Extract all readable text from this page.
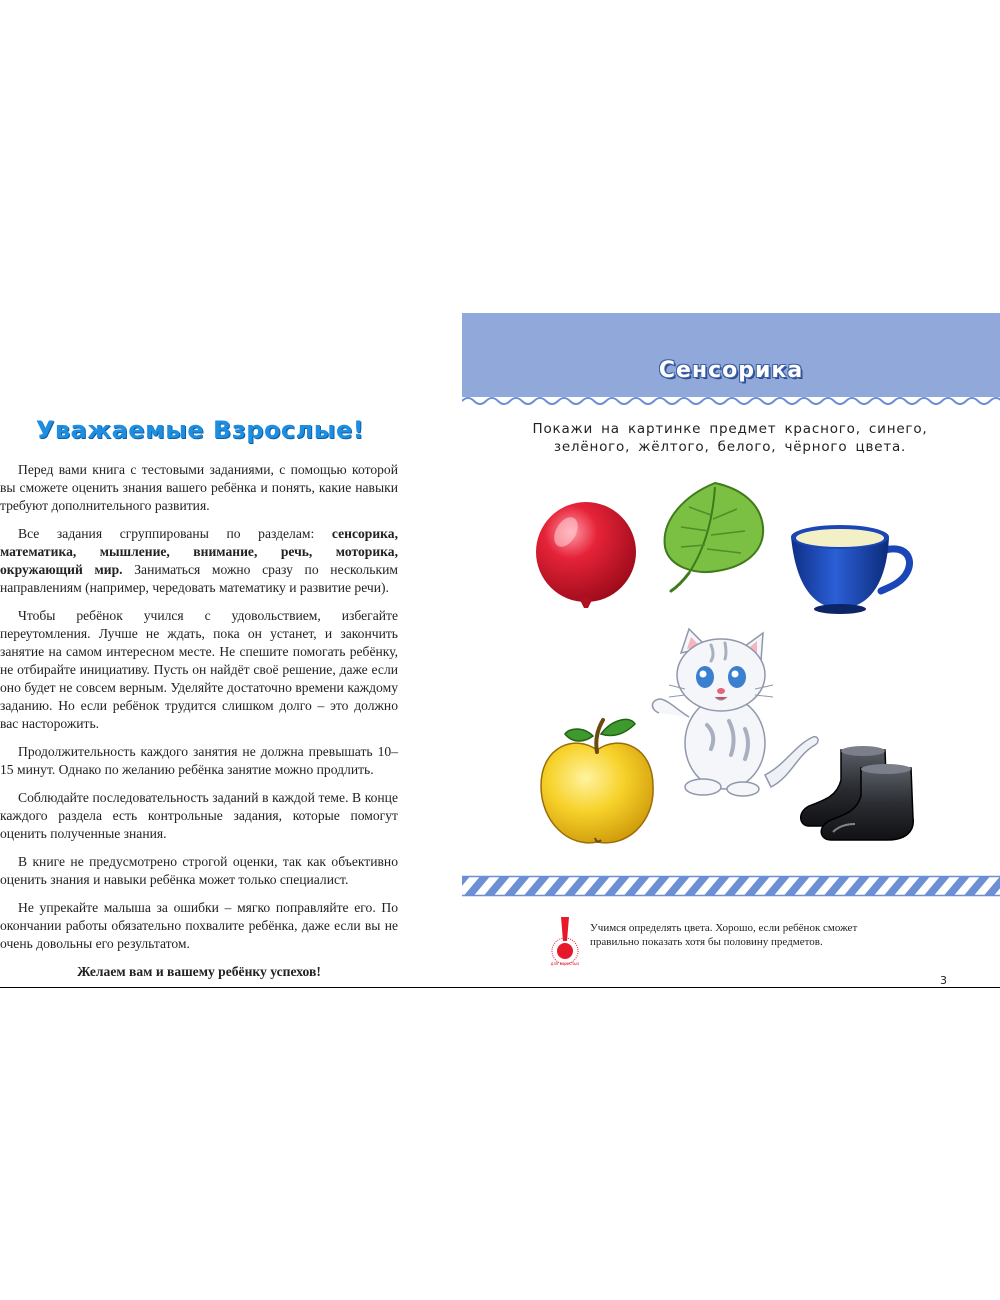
Уважаемые Взрослые!

Перед вами книга с тестовыми заданиями, с помощью которой вы сможете оценить знания вашего ребёнка и понять, какие навыки требуют дополнительного развития.

Все задания сгруппированы по разделам: сенсорика, математика, мышление, внимание, речь, моторика, окружающий мир. Заниматься можно сразу по нескольким направлениям (например, чередовать математику и развитие речи).

Чтобы ребёнок учился с удовольствием, избегайте переутомления. Лучше не ждать, пока он устанет, и закончить занятие на самом интересном месте. Не спешите помогать ребёнку, не отбирайте инициативу. Пусть он найдёт своё решение, даже если оно будет не совсем верным. Уделяйте достаточно времени каждому заданию. Но если ребёнок трудится слишком долго – это должно вас насторожить.

Продолжительность каждого занятия не должна превышать 10–15 минут. Однако по желанию ребёнка занятие можно продлить.

Соблюдайте последовательность заданий в каждой теме. В конце каждого раздела есть контрольные задания, которые помогут оценить полученные знания.

В книге не предусмотрено строгой оценки, так как объективно оценить знания и навыки ребёнка может только специалист.

Не упрекайте малыша за ошибки – мягко поправляйте его. По окончании работы обязательно похвалите ребёнка, даже если вы не очень довольны его результатом.

Желаем вам и вашему ребёнку успехов!

Сенсорика
Покажи на картинке предмет красного, синего,
зелёного, жёлтого, белого, чёрного цвета.
для взрослых
Учимся определять цвета. Хорошо, если ребёнок сможет правильно показать хотя бы половину предметов.
3
